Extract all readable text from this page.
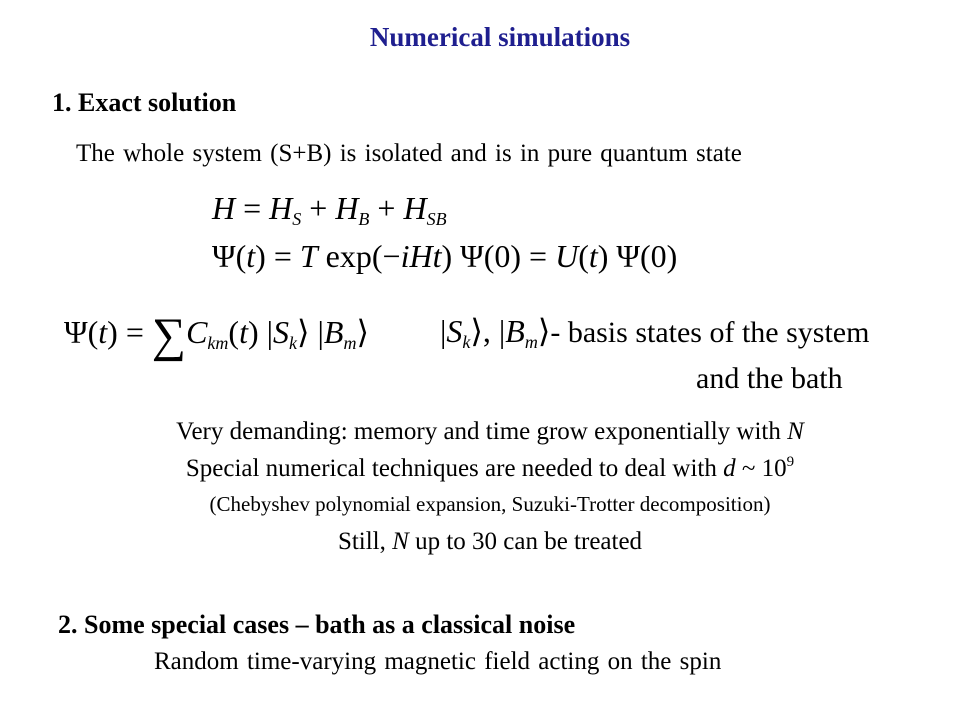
Numerical simulations
1. Exact solution
The whole system (S+B) is isolated and is in pure quantum state
$H = H_S + H_B + H_{SB}$
Ψ(t) = T exp(−iHt) Ψ(0) = U(t) Ψ(0)
$\Psi(t) = \sum C_{km}(t)$ $|S_k⟩$ $|B_m⟩$ $|S_k⟩$, $|B_m⟩-$ basis states of the system
and the bath
Very demanding: memory and time grow exponentially with N
Special numerical techniques are needed to deal with d ~ $10^9$
(Chebyshev polynomial expansion, Suzuki-Trotter decomposition)
Still, N up to 30 can be treated
2. Some special cases – bath as a classical noise
Random time-varying magnetic field acting on the spin
